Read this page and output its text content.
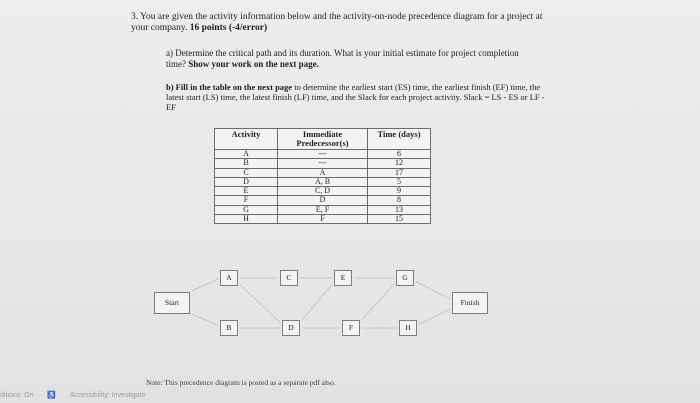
3. You are given the activity information below and the activity-on-node precedence diagram for a project at your company. 16 points (-4/error)
a) Determine the critical path and its duration. What is your initial estimate for project completion time? Show your work on the next page.
b) Fill in the table on the next page to determine the earliest start (ES) time, the earliest finish (EF) time, the latest start (LS) time, the latest finish (LF) time, and the Slack for each project activity. Slack = LS - ES or LF - EF
Activity	Immediate Predecessor(s)	Time (days)
A	---	6
B	---	12
C	A	17
D	A, B	5
E	C, D	9
F	D	8
G	E, F	13
H	F	15
Start
A
B
C
D
E
F
G
H
Finish
Note: This precedence diagram is posted as a separate pdf also.
ditions: On ♿ Accessibility: Investigate
